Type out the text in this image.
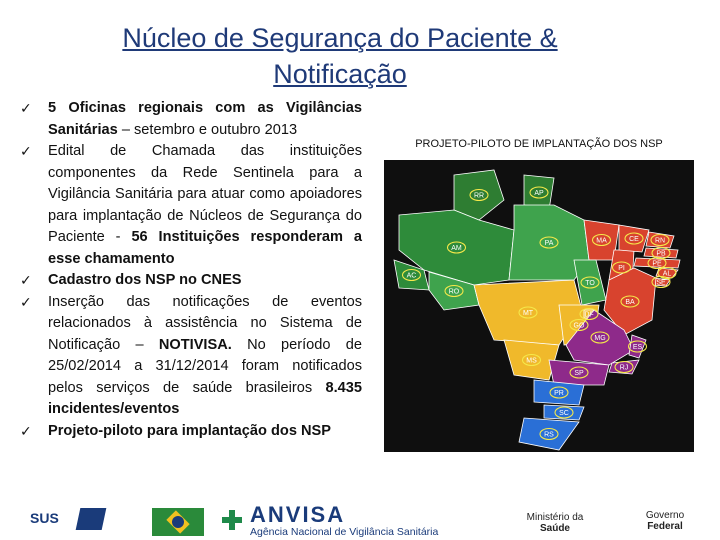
Núcleo de Segurança do Paciente &
Notificação
✓ 5 Oficinas regionais com as Vigilâncias Sanitárias – setembro e outubro 2013
✓ Edital de Chamada das instituições componentes da Rede Sentinela para a Vigilância Sanitária para atuar como apoiadores para implantação de Núcleos de Segurança do Paciente - 56 Instituições responderam a esse chamamento
✓ Cadastro dos NSP no CNES
✓ Inserção das notificações de eventos relacionados à assistência no Sistema de Notificação – NOTIVISA. No período de 25/02/2014 a 31/12/2014 foram notificados pelos serviços de saúde brasileiros 8.435 incidentes/eventos
✓ Projeto-piloto para implantação dos NSP
PROJETO-PILOTO DE IMPLANTAÇÃO DOS NSP
RR	AP
AM
PA	MA	CE RN
PB
PE
AL
SE
PI
BA
AC
RO
TO
MT	DF
GO
MS
MG
ES
RJ
SP
PR
SC
RS
SUS	ANVISA
Agência Nacional de Vigilância Sanitária
Ministério da
Saúde
Governo
Federal
